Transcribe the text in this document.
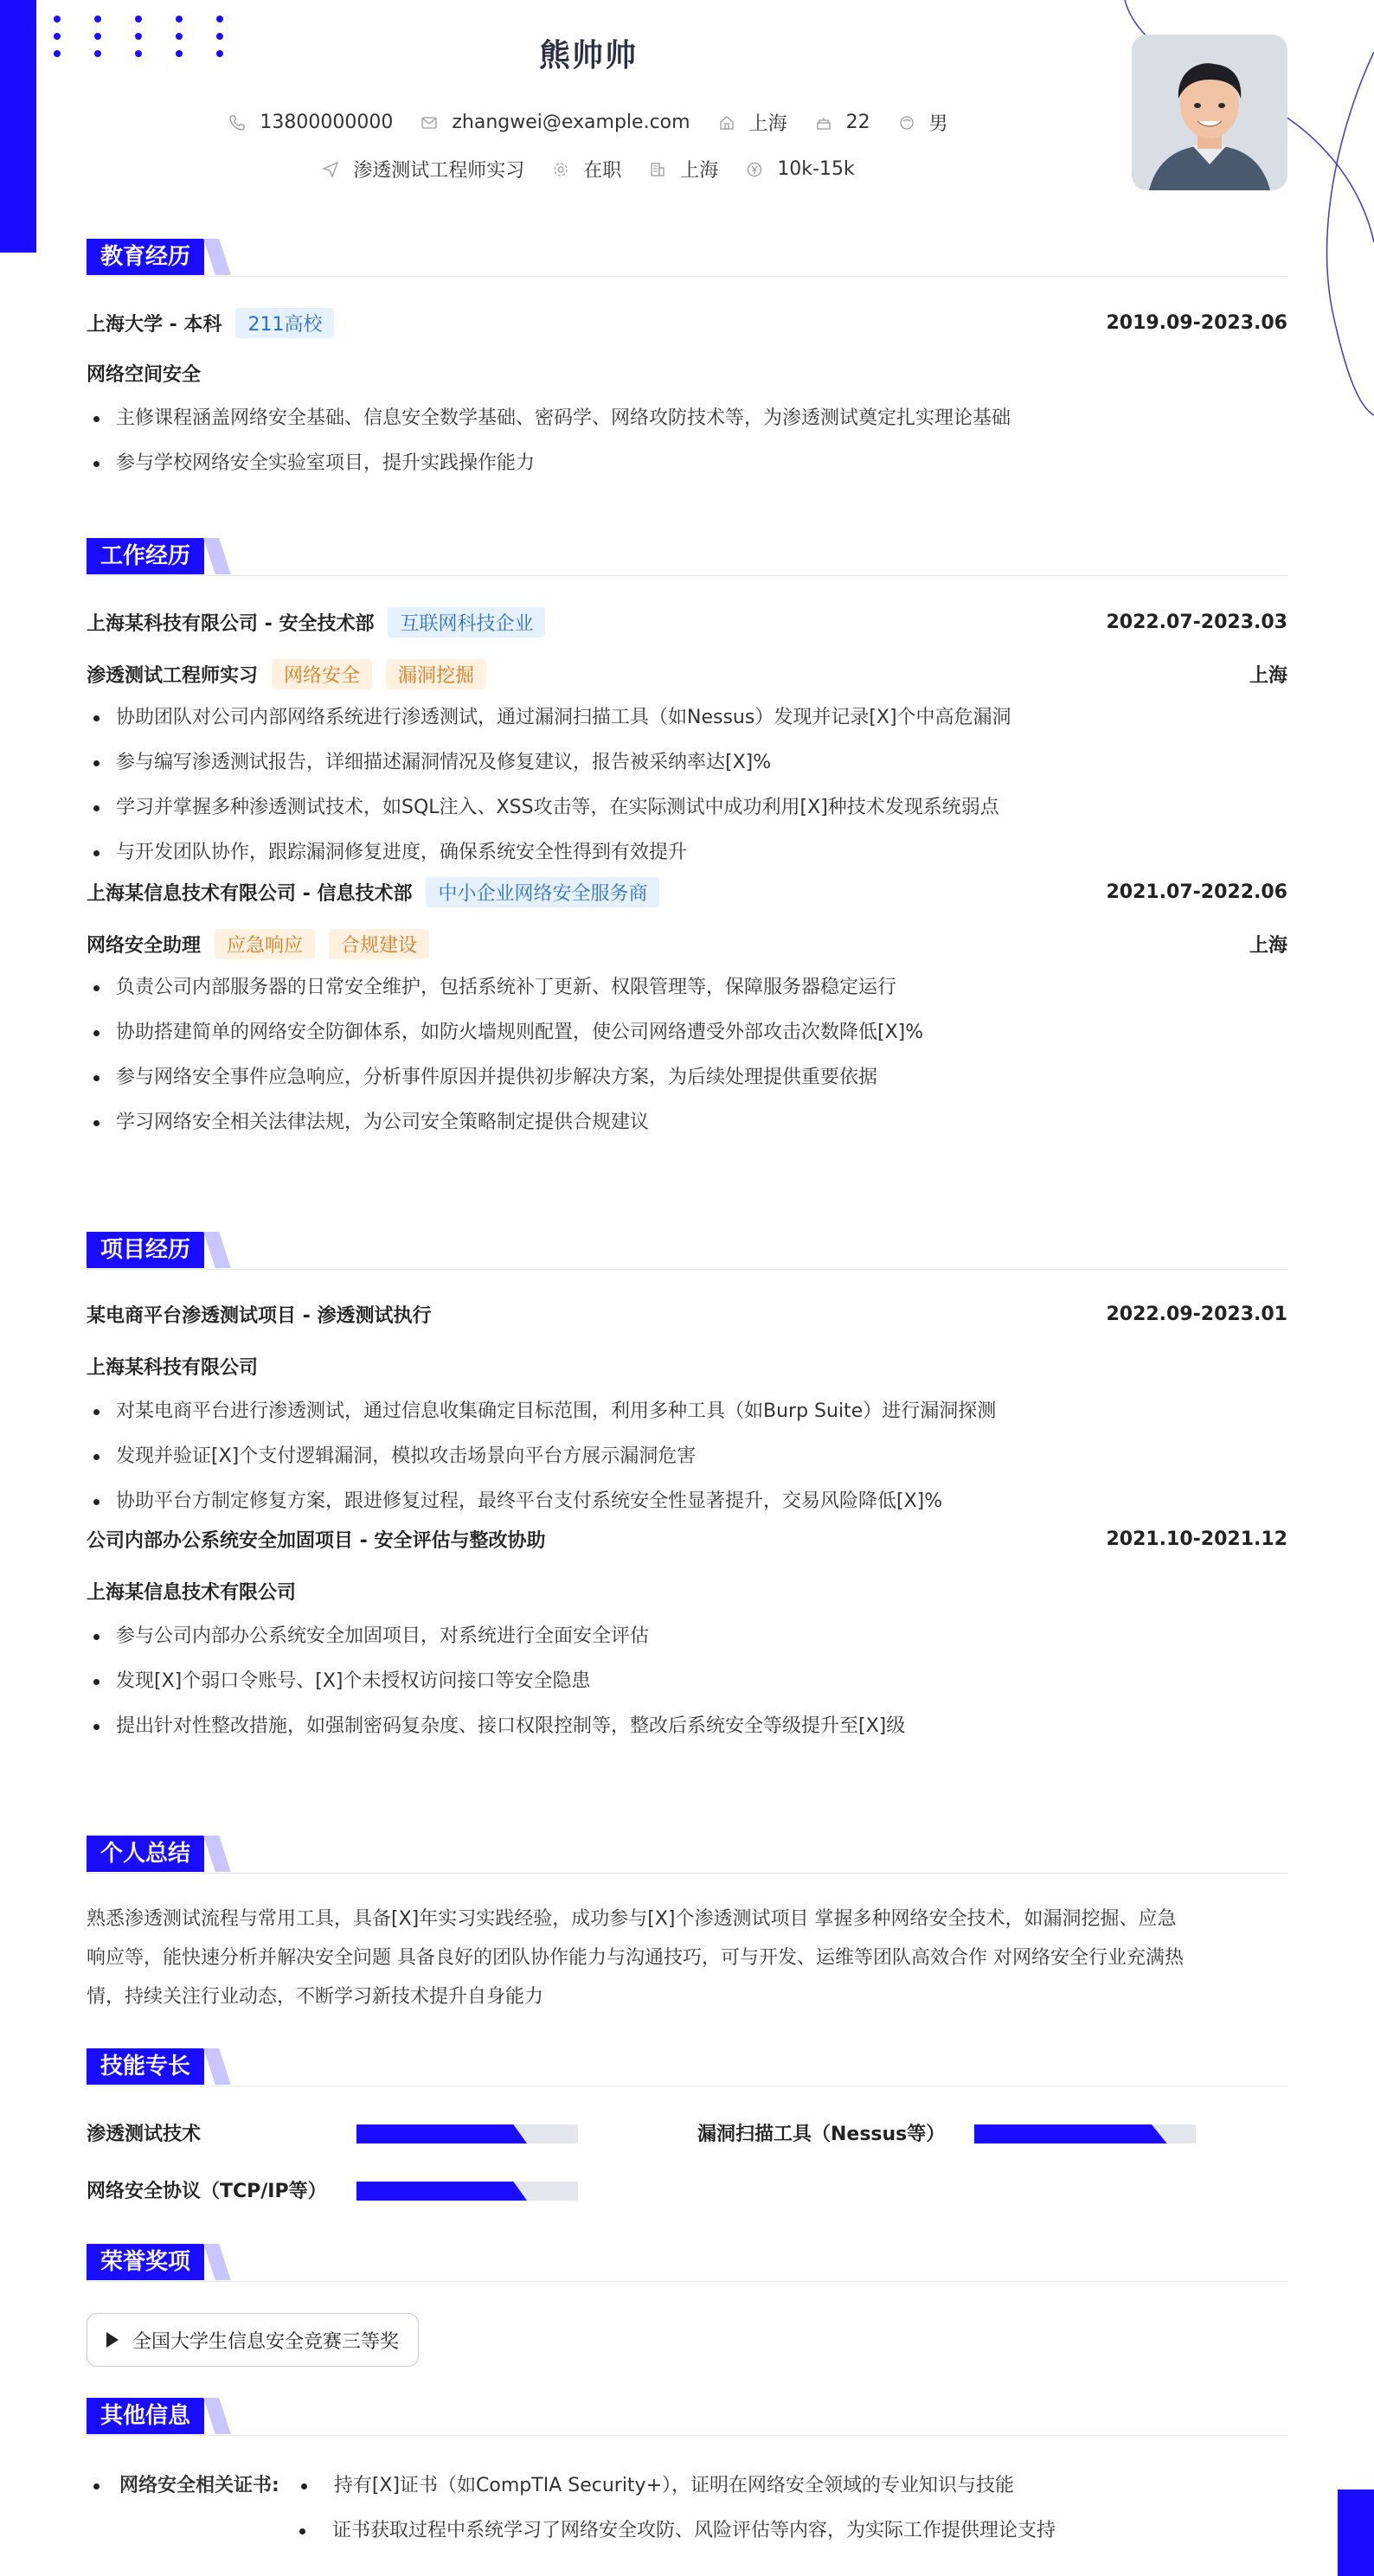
熊帅帅
13800000000	zhangwei@example.com	上海	22	男
渗透测试工程师实习	在职	上海	10k-15k
教育经历
上海大学 - 本科	211高校	2019.09-2023.06
网络空间安全
主修课程涵盖网络安全基础、信息安全数学基础、密码学、网络攻防技术等，为渗透测试奠定扎实理论基础
参与学校网络安全实验室项目，提升实践操作能力
工作经历
上海某科技有限公司 - 安全技术部	互联网科技企业	2022.07-2023.03
渗透测试工程师实习	网络安全	漏洞挖掘	上海
协助团队对公司内部网络系统进行渗透测试，通过漏洞扫描工具（如Nessus）发现并记录[X]个中高危漏洞
参与编写渗透测试报告，详细描述漏洞情况及修复建议，报告被采纳率达[X]%
学习并掌握多种渗透测试技术，如SQL注入、XSS攻击等，在实际测试中成功利用[X]种技术发现系统弱点
与开发团队协作，跟踪漏洞修复进度，确保系统安全性得到有效提升
上海某信息技术有限公司 - 信息技术部	中小企业网络安全服务商	2021.07-2022.06
网络安全助理	应急响应	合规建设	上海
负责公司内部服务器的日常安全维护，包括系统补丁更新、权限管理等，保障服务器稳定运行
协助搭建简单的网络安全防御体系，如防火墙规则配置，使公司网络遭受外部攻击次数降低[X]%
参与网络安全事件应急响应，分析事件原因并提供初步解决方案，为后续处理提供重要依据
学习网络安全相关法律法规，为公司安全策略制定提供合规建议
项目经历
某电商平台渗透测试项目 - 渗透测试执行	2022.09-2023.01
上海某科技有限公司
对某电商平台进行渗透测试，通过信息收集确定目标范围，利用多种工具（如Burp Suite）进行漏洞探测
发现并验证[X]个支付逻辑漏洞，模拟攻击场景向平台方展示漏洞危害
协助平台方制定修复方案，跟进修复过程，最终平台支付系统安全性显著提升，交易风险降低[X]%
公司内部办公系统安全加固项目 - 安全评估与整改协助	2021.10-2021.12
上海某信息技术有限公司
参与公司内部办公系统安全加固项目，对系统进行全面安全评估
发现[X]个弱口令账号、[X]个未授权访问接口等安全隐患
提出针对性整改措施，如强制密码复杂度、接口权限控制等，整改后系统安全等级提升至[X]级
个人总结
熟悉渗透测试流程与常用工具，具备[X]年实习实践经验，成功参与[X]个渗透测试项目 掌握多种网络安全技术，如漏洞挖掘、应急
响应等，能快速分析并解决安全问题 具备良好的团队协作能力与沟通技巧，可与开发、运维等团队高效合作 对网络安全行业充满热
情，持续关注行业动态，不断学习新技术提升自身能力
技能专长
渗透测试技术	漏洞扫描工具（Nessus等）
网络安全协议（TCP/IP等）
荣誉奖项
全国大学生信息安全竞赛三等奖
其他信息
网络安全相关证书:	持有[X]证书（如CompTIA Security+），证明在网络安全领域的专业知识与技能
证书获取过程中系统学习了网络安全攻防、风险评估等内容，为实际工作提供理论支持
